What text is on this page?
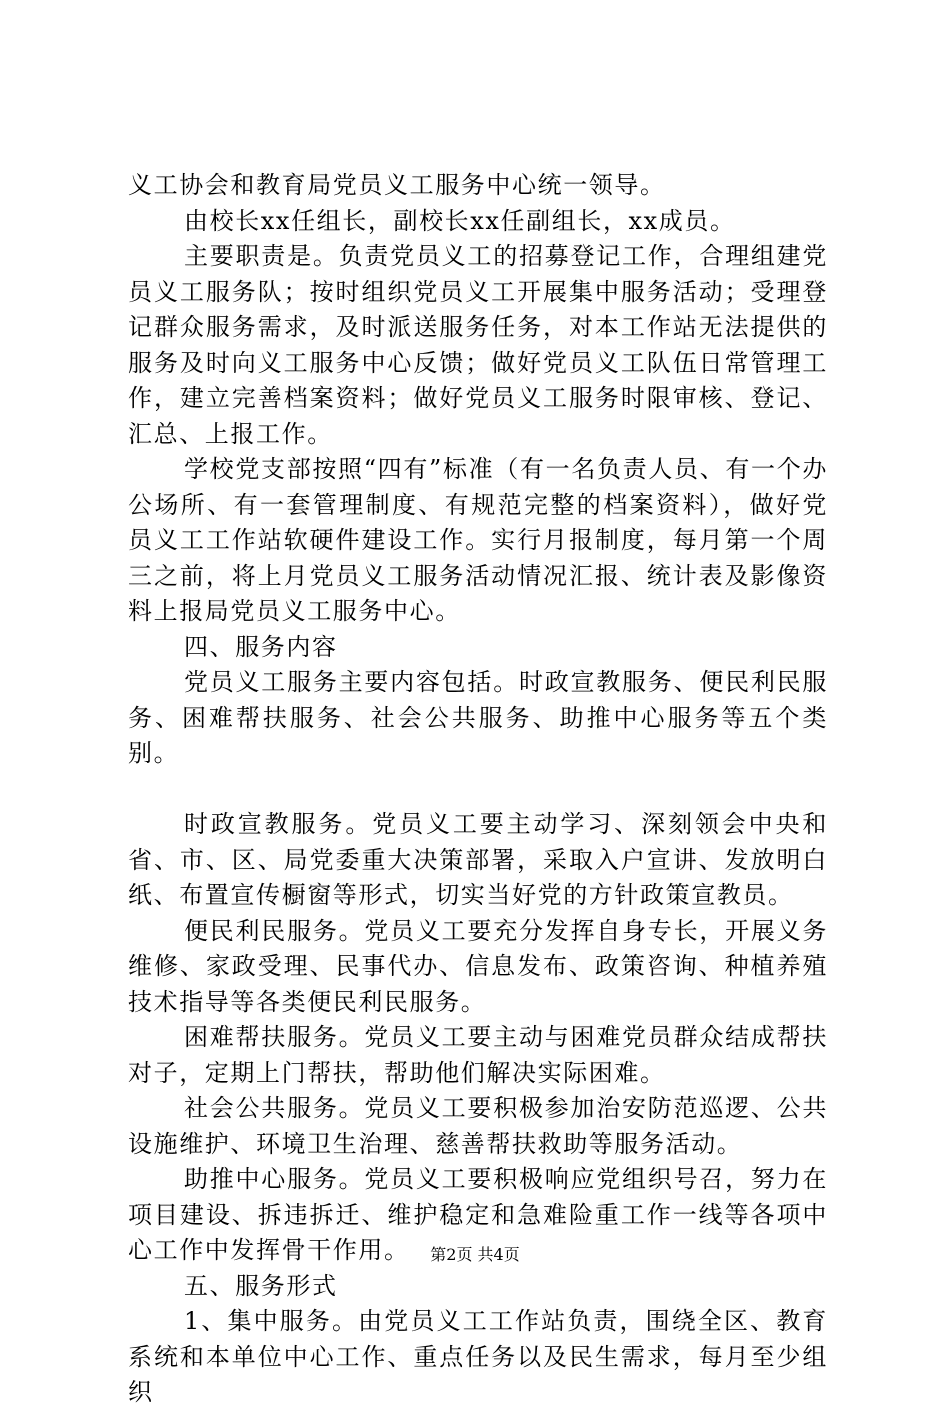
义工协会和教育局党员义工服务中心统一领导。

由校长xx任组长，副校长xx任副组长，xx成员。

主要职责是。负责党员义工的招募登记工作，合理组建党员义工服务队；按时组织党员义工开展集中服务活动；受理登记群众服务需求，及时派送服务任务，对本工作站无法提供的服务及时向义工服务中心反馈；做好党员义工队伍日常管理工作，建立完善档案资料；做好党员义工服务时限审核、登记、汇总、上报工作。

学校党支部按照“四有”标准（有一名负责人员、有一个办公场所、有一套管理制度、有规范完整的档案资料），做好党员义工工作站软硬件建设工作。实行月报制度，每月第一个周三之前，将上月党员义工服务活动情况汇报、统计表及影像资料上报局党员义工服务中心。

四、服务内容

党员义工服务主要内容包括。时政宣教服务、便民利民服务、困难帮扶服务、社会公共服务、助推中心服务等五个类别。

时政宣教服务。党员义工要主动学习、深刻领会中央和省、市、区、局党委重大决策部署，采取入户宣讲、发放明白纸、布置宣传橱窗等形式，切实当好党的方针政策宣教员。

便民利民服务。党员义工要充分发挥自身专长，开展义务维修、家政受理、民事代办、信息发布、政策咨询、种植养殖技术指导等各类便民利民服务。

困难帮扶服务。党员义工要主动与困难党员群众结成帮扶对子，定期上门帮扶，帮助他们解决实际困难。

社会公共服务。党员义工要积极参加治安防范巡逻、公共设施维护、环境卫生治理、慈善帮扶救助等服务活动。

助推中心服务。党员义工要积极响应党组织号召，努力在项目建设、拆违拆迁、维护稳定和急难险重工作一线等各项中心工作中发挥骨干作用。

五、服务形式

1、集中服务。由党员义工工作站负责，围绕全区、教育系统和本单位中心工作、重点任务以及民生需求，每月至少组织

第2页 共4页
